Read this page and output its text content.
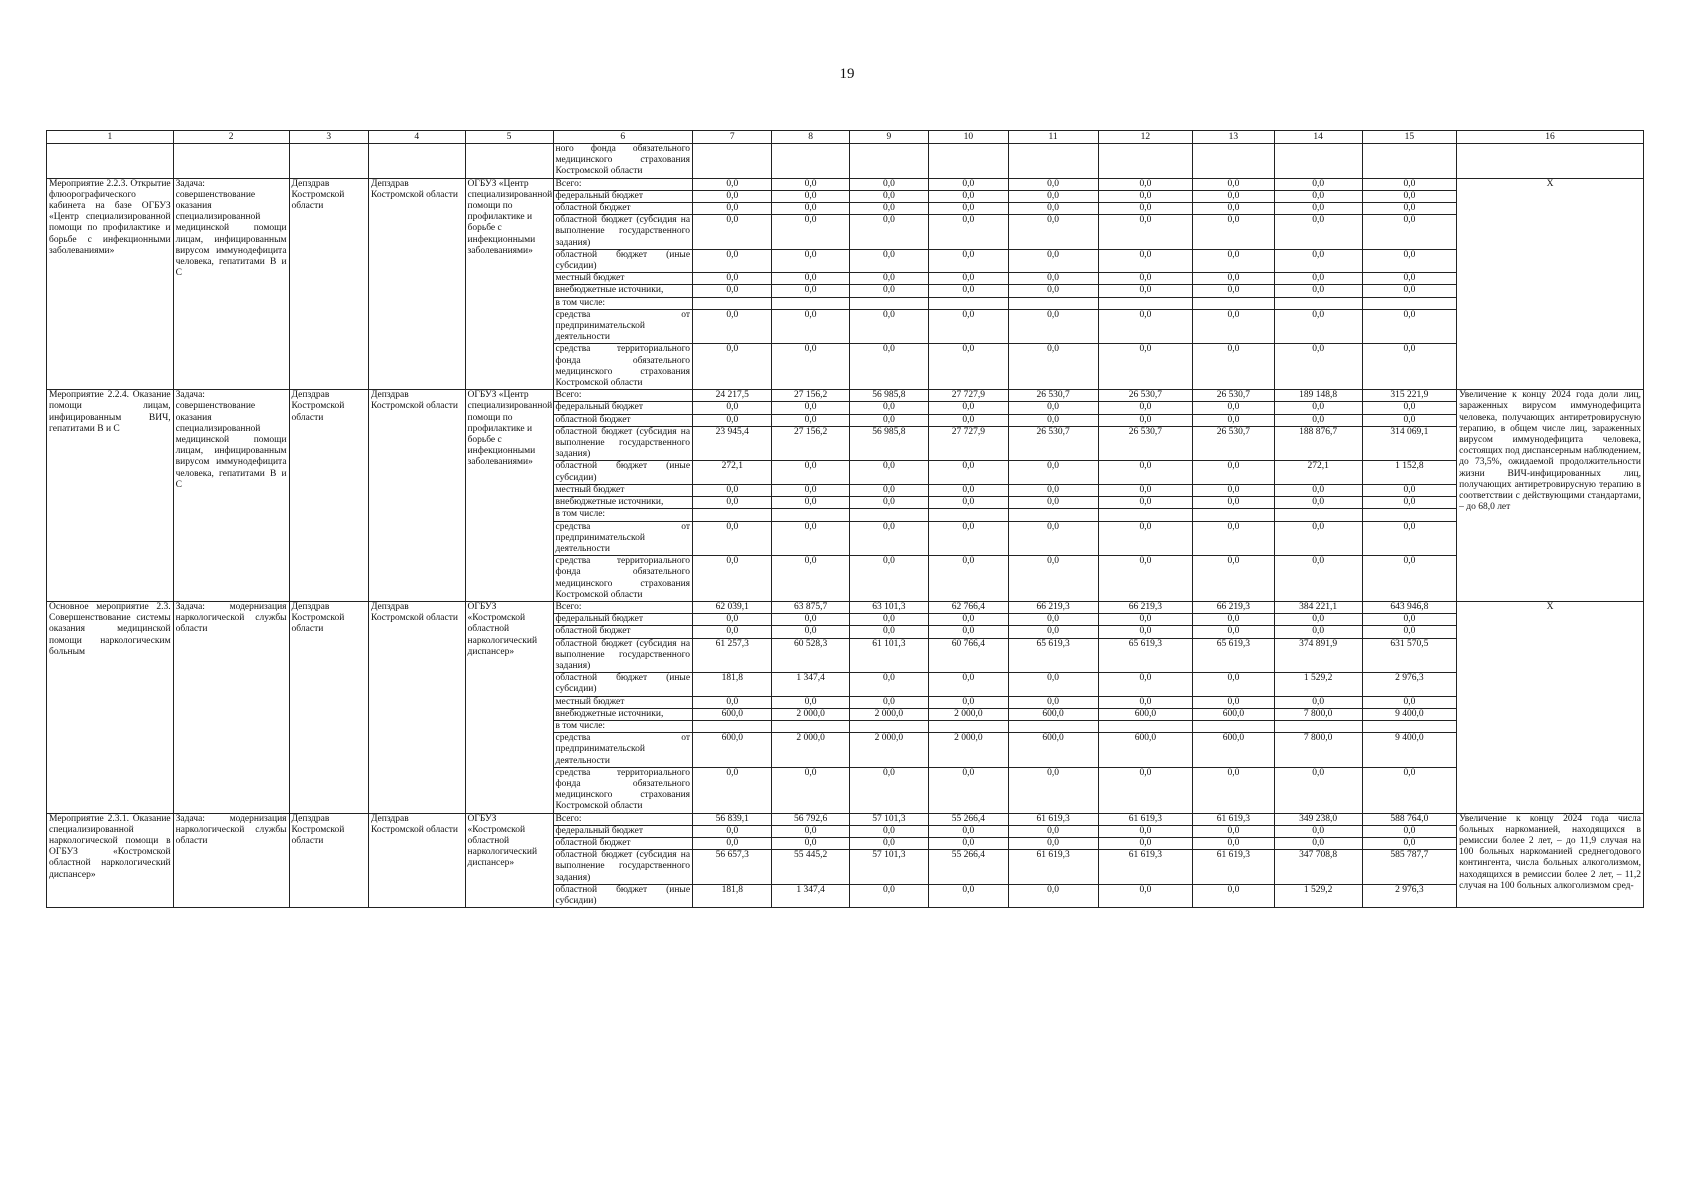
19
1	2	3	4	5	6	7	8	9	10	11	12	13	14	15	16
					ного фонда обязательного медицинского страхования Костромской области										
Мероприятие 2.2.3. Открытие флюорографического кабинета на базе ОГБУЗ «Центр специализированной помощи по профилактике и борьбе с инфекционными заболеваниями»	Задача: совершенствование оказания специализированной медицинской помощи лицам, инфицированным вирусом иммунодефицита человека, гепатитами В и С	Депздрав Костромской области	Депздрав Костромской области	ОГБУЗ «Центр специализированной помощи по профилактике и борьбе с инфекционными заболеваниями»	Всего:	0,0	0,0	0,0	0,0	0,0	0,0	0,0	0,0	0,0	Х
					федеральный бюджет	0,0	0,0	0,0	0,0	0,0	0,0	0,0	0,0	0,0	
					областной бюджет	0,0	0,0	0,0	0,0	0,0	0,0	0,0	0,0	0,0	
					областной бюджет (субсидия на выполнение государственного задания)	0,0	0,0	0,0	0,0	0,0	0,0	0,0	0,0	0,0	
					областной бюджет (иные субсидии)	0,0	0,0	0,0	0,0	0,0	0,0	0,0	0,0	0,0	
					местный бюджет	0,0	0,0	0,0	0,0	0,0	0,0	0,0	0,0	0,0	
					внебюджетные источники,	0,0	0,0	0,0	0,0	0,0	0,0	0,0	0,0	0,0	
					в том числе:										
					средства от предпринимательской деятельности	0,0	0,0	0,0	0,0	0,0	0,0	0,0	0,0	0,0	
					средства территориального фонда обязательного медицинского страхования Костромской области	0,0	0,0	0,0	0,0	0,0	0,0	0,0	0,0	0,0	
Мероприятие 2.2.4. Оказание помощи лицам, инфицированным ВИЧ, гепатитами В и С	Задача: совершенствование оказания специализированной медицинской помощи лицам, инфицированным вирусом иммунодефицита человека, гепатитами В и С	Депздрав Костромской области	Депздрав Костромской области	ОГБУЗ «Центр специализированной помощи по профилактике и борьбе с инфекционными заболеваниями»	Всего:	24 217,5	27 156,2	56 985,8	27 727,9	26 530,7	26 530,7	26 530,7	189 148,8	315 221,9	Увеличение к концу 2024 года доли лиц, зараженных вирусом иммунодефицита человека, получающих антиретровирусную терапию, в общем числе лиц, зараженных вирусом иммунодефицита человека, состоящих под диспансерным наблюдением, до 73,5%, ожидаемой продолжительности жизни ВИЧ-инфицированных лиц, получающих антиретровирусную терапию в соответствии с действующими стандартами, – до 68,0 лет
					федеральный бюджет	0,0	0,0	0,0	0,0	0,0	0,0	0,0	0,0	0,0	
					областной бюджет	0,0	0,0	0,0	0,0	0,0	0,0	0,0	0,0	0,0	
					областной бюджет (субсидия на выполнение государственного задания)	23 945,4	27 156,2	56 985,8	27 727,9	26 530,7	26 530,7	26 530,7	188 876,7	314 069,1	
					областной бюджет (иные субсидии)	272,1	0,0	0,0	0,0	0,0	0,0	0,0	272,1	1 152,8	
					местный бюджет	0,0	0,0	0,0	0,0	0,0	0,0	0,0	0,0	0,0	
					внебюджетные источники,	0,0	0,0	0,0	0,0	0,0	0,0	0,0	0,0	0,0	
					в том числе:										
					средства от предпринимательской деятельности	0,0	0,0	0,0	0,0	0,0	0,0	0,0	0,0	0,0	
					средства территориального фонда обязательного медицинского страхования Костромской области	0,0	0,0	0,0	0,0	0,0	0,0	0,0	0,0	0,0	
Основное мероприятие 2.3. Совершенствование системы оказания медицинской помощи наркологическим больным	Задача: модернизация наркологической службы области	Депздрав Костромской области	Депздрав Костромской области	ОГБУЗ «Костромской областной наркологический диспансер»	Всего:	62 039,1	63 875,7	63 101,3	62 766,4	66 219,3	66 219,3	66 219,3	384 221,1	643 946,8	Х
					федеральный бюджет	0,0	0,0	0,0	0,0	0,0	0,0	0,0	0,0	0,0	
					областной бюджет	0,0	0,0	0,0	0,0	0,0	0,0	0,0	0,0	0,0	
					областной бюджет (субсидия на выполнение государственного задания)	61 257,3	60 528,3	61 101,3	60 766,4	65 619,3	65 619,3	65 619,3	374 891,9	631 570,5	
					областной бюджет (иные субсидии)	181,8	1 347,4	0,0	0,0	0,0	0,0	0,0	1 529,2	2 976,3	
					местный бюджет	0,0	0,0	0,0	0,0	0,0	0,0	0,0	0,0	0,0	
					внебюджетные источники,	600,0	2 000,0	2 000,0	2 000,0	600,0	600,0	600,0	7 800,0	9 400,0	
					в том числе:										
					средства от предпринимательской деятельности	600,0	2 000,0	2 000,0	2 000,0	600,0	600,0	600,0	7 800,0	9 400,0	
					средства территориального фонда обязательного медицинского страхования Костромской области	0,0	0,0	0,0	0,0	0,0	0,0	0,0	0,0	0,0	
Мероприятие 2.3.1. Оказание специализированной наркологической помощи в ОГБУЗ «Костромской областной наркологический диспансер»	Задача: модернизация наркологической службы области	Депздрав Костромской области	Депздрав Костромской области	ОГБУЗ «Костромской областной наркологический диспансер»	Всего:	56 839,1	56 792,6	57 101,3	55 266,4	61 619,3	61 619,3	61 619,3	349 238,0	588 764,0	Увеличение к концу 2024 года числа больных наркоманией, находящихся в ремиссии более 2 лет, – до 11,9 случая на 100 больных наркоманией среднегодового контингента, числа больных алкоголизмом, находящихся в ремиссии более 2 лет, – 11,2 случая на 100 больных алкоголизмом сред-
					федеральный бюджет	0,0	0,0	0,0	0,0	0,0	0,0	0,0	0,0	0,0	
					областной бюджет	0,0	0,0	0,0	0,0	0,0	0,0	0,0	0,0	0,0	
					областной бюджет (субсидия на выполнение государственного задания)	56 657,3	55 445,2	57 101,3	55 266,4	61 619,3	61 619,3	61 619,3	347 708,8	585 787,7	
					областной бюджет (иные субсидии)	181,8	1 347,4	0,0	0,0	0,0	0,0	0,0	1 529,2	2 976,3	
